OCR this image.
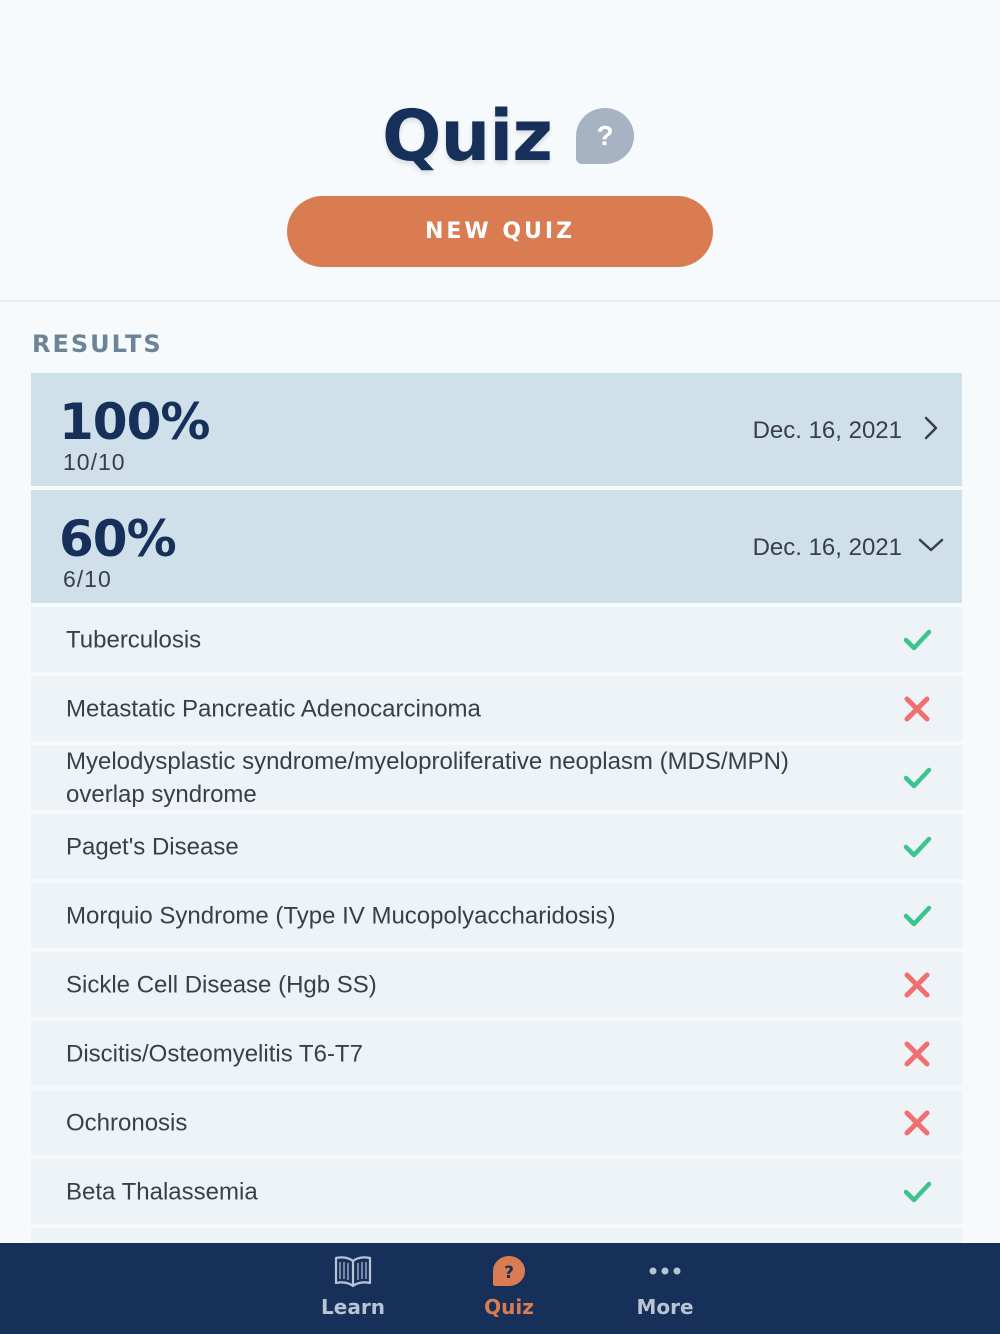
Quiz ?
NEW QUIZ
RESULTS
100%
10/10
Dec. 16, 2021
60%
6/10
Dec. 16, 2021
Tuberculosis
Metastatic Pancreatic Adenocarcinoma
Myelodysplastic syndrome/myeloproliferative neoplasm (MDS/MPN) overlap syndrome
Paget's Disease
Morquio Syndrome (Type IV Mucopolyaccharidosis)
Sickle Cell Disease (Hgb SS)
Discitis/Osteomyelitis T6-T7
Ochronosis
Beta Thalassemia
Learn
?
Quiz	More
